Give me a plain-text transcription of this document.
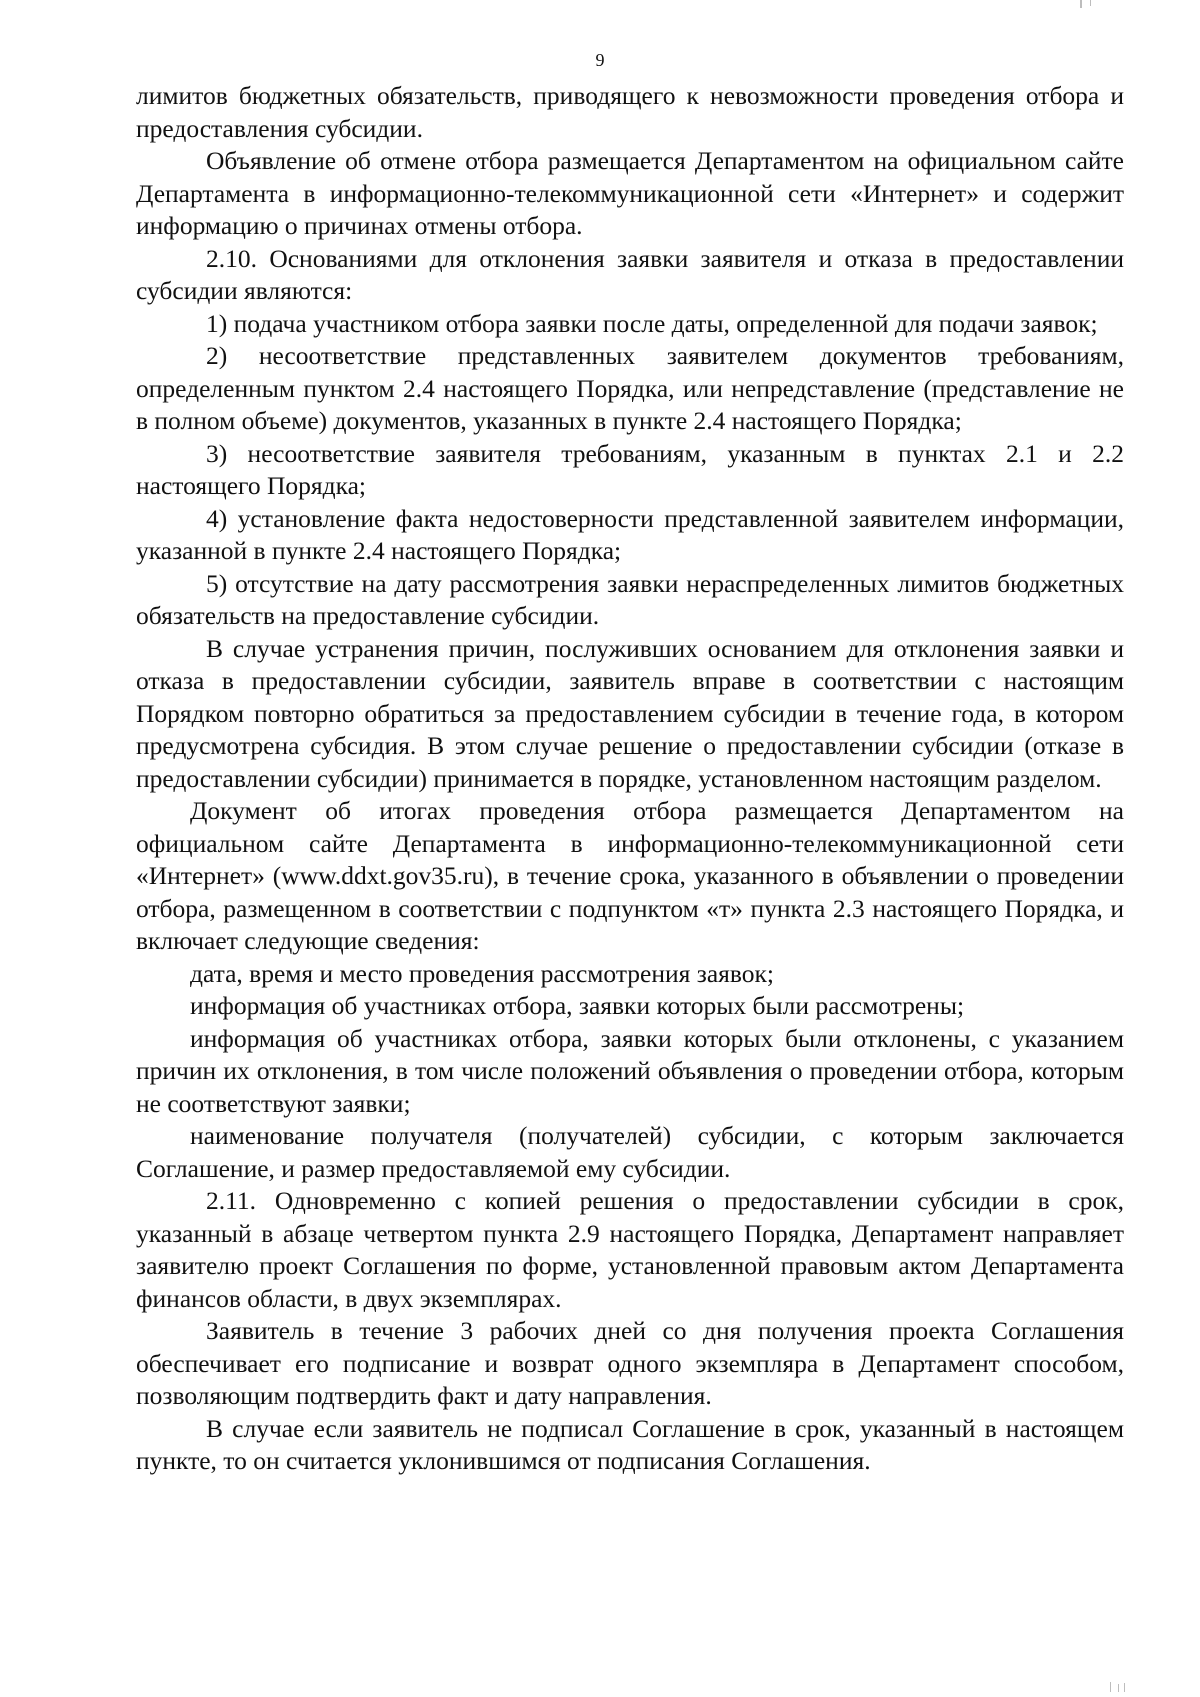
9

лимитов бюджетных обязательств, приводящего к невозможности проведения отбора и предоставления субсидии.

Объявление об отмене отбора размещается Департаментом на официальном сайте Департамента в информационно-телекоммуникационной сети «Интернет» и содержит информацию о причинах отмены отбора.

2.10. Основаниями для отклонения заявки заявителя и отказа в предоставлении субсидии являются:

1) подача участником отбора заявки после даты, определенной для подачи заявок;

2) несоответствие представленных заявителем документов требованиям, определенным пунктом 2.4 настоящего Порядка, или непредставление (представление не в полном объеме) документов, указанных в пункте 2.4 настоящего Порядка;

3) несоответствие заявителя требованиям, указанным в пунктах 2.1 и 2.2 настоящего Порядка;

4) установление факта недостоверности представленной заявителем информации, указанной в пункте 2.4 настоящего Порядка;

5) отсутствие на дату рассмотрения заявки нераспределенных лимитов бюджетных обязательств на предоставление субсидии.

В случае устранения причин, послуживших основанием для отклонения заявки и отказа в предоставлении субсидии, заявитель вправе в соответствии с настоящим Порядком повторно обратиться за предоставлением субсидии в течение года, в котором предусмотрена субсидия. В этом случае решение о предоставлении субсидии (отказе в предоставлении субсидии) принимается в порядке, установленном настоящим разделом.

Документ об итогах проведения отбора размещается Департаментом на официальном сайте Департамента в информационно-телекоммуникационной сети «Интернет» (www.ddxt.gov35.ru), в течение срока, указанного в объявлении о проведении отбора, размещенном в соответствии с подпунктом «т» пункта 2.3 настоящего Порядка, и включает следующие сведения:

дата, время и место проведения рассмотрения заявок;

информация об участниках отбора, заявки которых были рассмотрены;

информация об участниках отбора, заявки которых были отклонены, с указанием причин их отклонения, в том числе положений объявления о проведении отбора, которым не соответствуют заявки;

наименование получателя (получателей) субсидии, с которым заключается Соглашение, и размер предоставляемой ему субсидии.

2.11. Одновременно с копией решения о предоставлении субсидии в срок, указанный в абзаце четвертом пункта 2.9 настоящего Порядка, Департамент направляет заявителю проект Соглашения по форме, установленной правовым актом Департамента финансов области, в двух экземплярах.

Заявитель в течение 3 рабочих дней со дня получения проекта Соглашения обеспечивает его подписание и возврат одного экземпляра в Департамент способом, позволяющим подтвердить факт и дату направления.

В случае если заявитель не подписал Соглашение в срок, указанный в настоящем пункте, то он считается уклонившимся от подписания Соглашения.
